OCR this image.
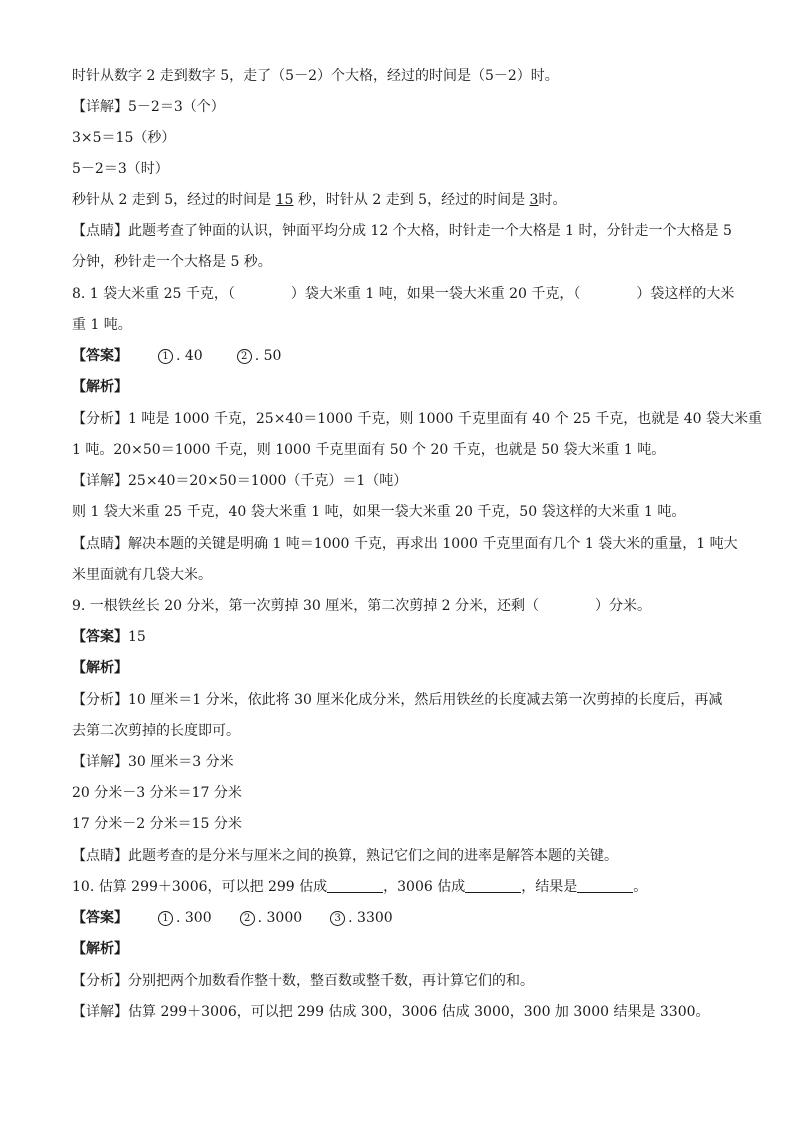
时针从数字 2 走到数字 5，走了（5－2）个大格，经过的时间是（5－2）时。
【详解】5－2＝3（个）
3×5＝15（秒）
5－2＝3（时）
秒针从 2 走到 5，经过的时间是 15 秒，时针从 2 走到 5，经过的时间是 3时。
【点睛】此题考查了钟面的认识，钟面平均分成 12 个大格，时针走一个大格是 1 时，分针走一个大格是 5
分钟，秒针走一个大格是 5 秒。
8. 1 袋大米重 25 千克，（	）袋大米重 1 吨，如果一袋大米重 20 千克，（	）袋这样的大米
重 1 吨。
【答案】	1 . 40	2 . 50
【解析】
【分析】1 吨是 1000 千克，25×40＝1000 千克，则 1000 千克里面有 40 个 25 千克，也就是 40 袋大米重
1 吨。20×50＝1000 千克，则 1000 千克里面有 50 个 20 千克，也就是 50 袋大米重 1 吨。
【详解】25×40＝20×50＝1000（千克）＝1（吨）
则 1 袋大米重 25 千克，40 袋大米重 1 吨，如果一袋大米重 20 千克，50 袋这样的大米重 1 吨。
【点睛】解决本题的关键是明确 1 吨＝1000 千克，再求出 1000 千克里面有几个 1 袋大米的重量，1 吨大
米里面就有几袋大米。
9. 一根铁丝长 20 分米，第一次剪掉 30 厘米，第二次剪掉 2 分米，还剩（	）分米。
【答案】15
【解析】
【分析】10 厘米＝1 分米，依此将 30 厘米化成分米，然后用铁丝的长度减去第一次剪掉的长度后，再减
去第二次剪掉的长度即可。
【详解】30 厘米＝3 分米
20 分米－3 分米＝17 分米
17 分米－2 分米＝15 分米
【点睛】此题考查的是分米与厘米之间的换算，熟记它们之间的进率是解答本题的关键。
10. 估算 299＋3006，可以把 299 估成	，3006 估成	，结果是	。
【答案】	1 . 300	2 . 3000	3 . 3300
【解析】
【分析】分别把两个加数看作整十数，整百数或整千数，再计算它们的和。
【详解】估算 299＋3006，可以把 299 估成 300，3006 估成 3000，300 加 3000 结果是 3300。
